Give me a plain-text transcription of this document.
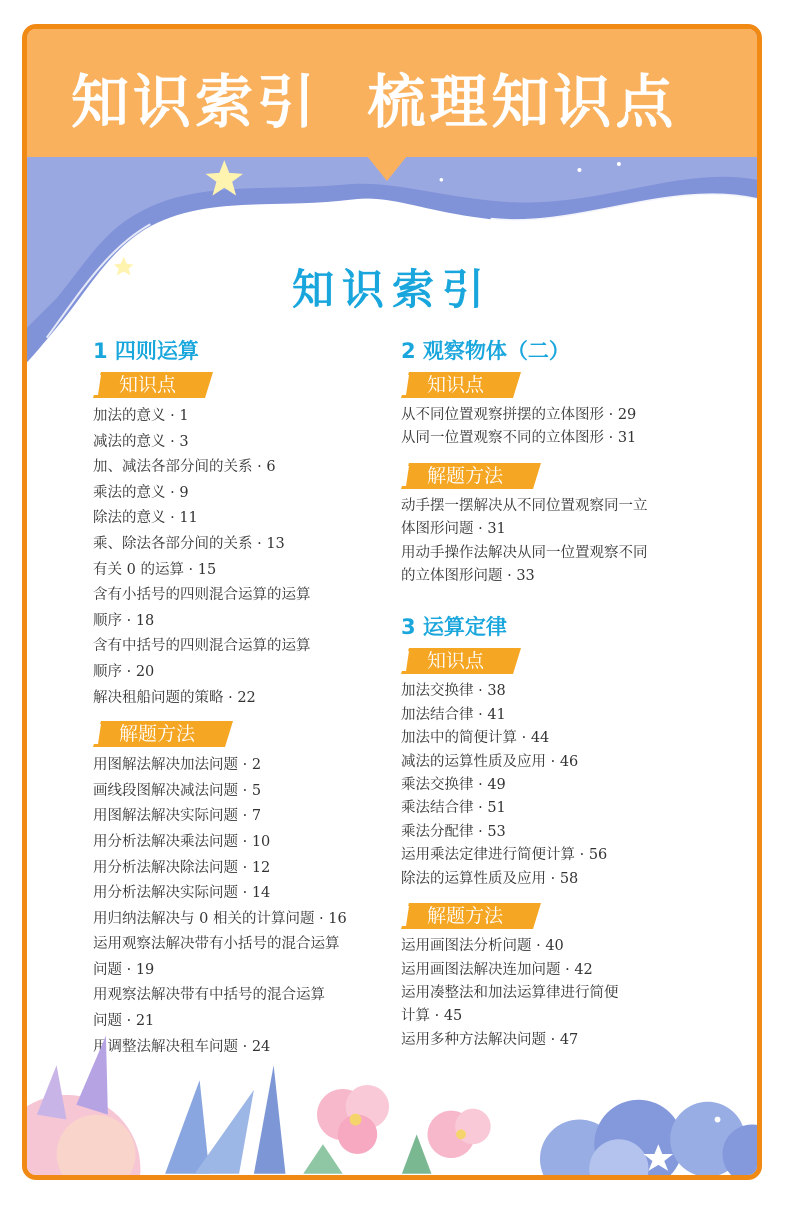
知识索引  梳理知识点
知识索引
1 四则运算
知识点

加法的意义 · 1

减法的意义 · 3

加、减法各部分间的关系 · 6

乘法的意义 · 9

除法的意义 · 11

乘、除法各部分间的关系 · 13

有关 0 的运算 · 15

含有小括号的四则混合运算的运算

顺序 · 18

含有中括号的四则混合运算的运算

顺序 · 20

解决租船问题的策略 · 22

解题方法

用图解法解决加法问题 · 2

画线段图解决减法问题 · 5

用图解法解决实际问题 · 7

用分析法解决乘法问题 · 10

用分析法解决除法问题 · 12

用分析法解决实际问题 · 14

用归纳法解决与 0 相关的计算问题 · 16

运用观察法解决带有小括号的混合运算

问题 · 19

用观察法解决带有中括号的混合运算

问题 · 21

用调整法解决租车问题 · 24

2 观察物体（二）
知识点

从不同位置观察拼摆的立体图形 · 29

从同一位置观察不同的立体图形 · 31

解题方法

动手摆一摆解决从不同位置观察同一立

体图形问题 · 31

用动手操作法解决从同一位置观察不同

的立体图形问题 · 33

3 运算定律
知识点

加法交换律 · 38

加法结合律 · 41

加法中的简便计算 · 44

减法的运算性质及应用 · 46

乘法交换律 · 49

乘法结合律 · 51

乘法分配律 · 53

运用乘法定律进行简便计算 · 56

除法的运算性质及应用 · 58

解题方法

运用画图法分析问题 · 40

运用画图法解决连加问题 · 42

运用凑整法和加法运算律进行简便

计算 · 45

运用多种方法解决问题 · 47
